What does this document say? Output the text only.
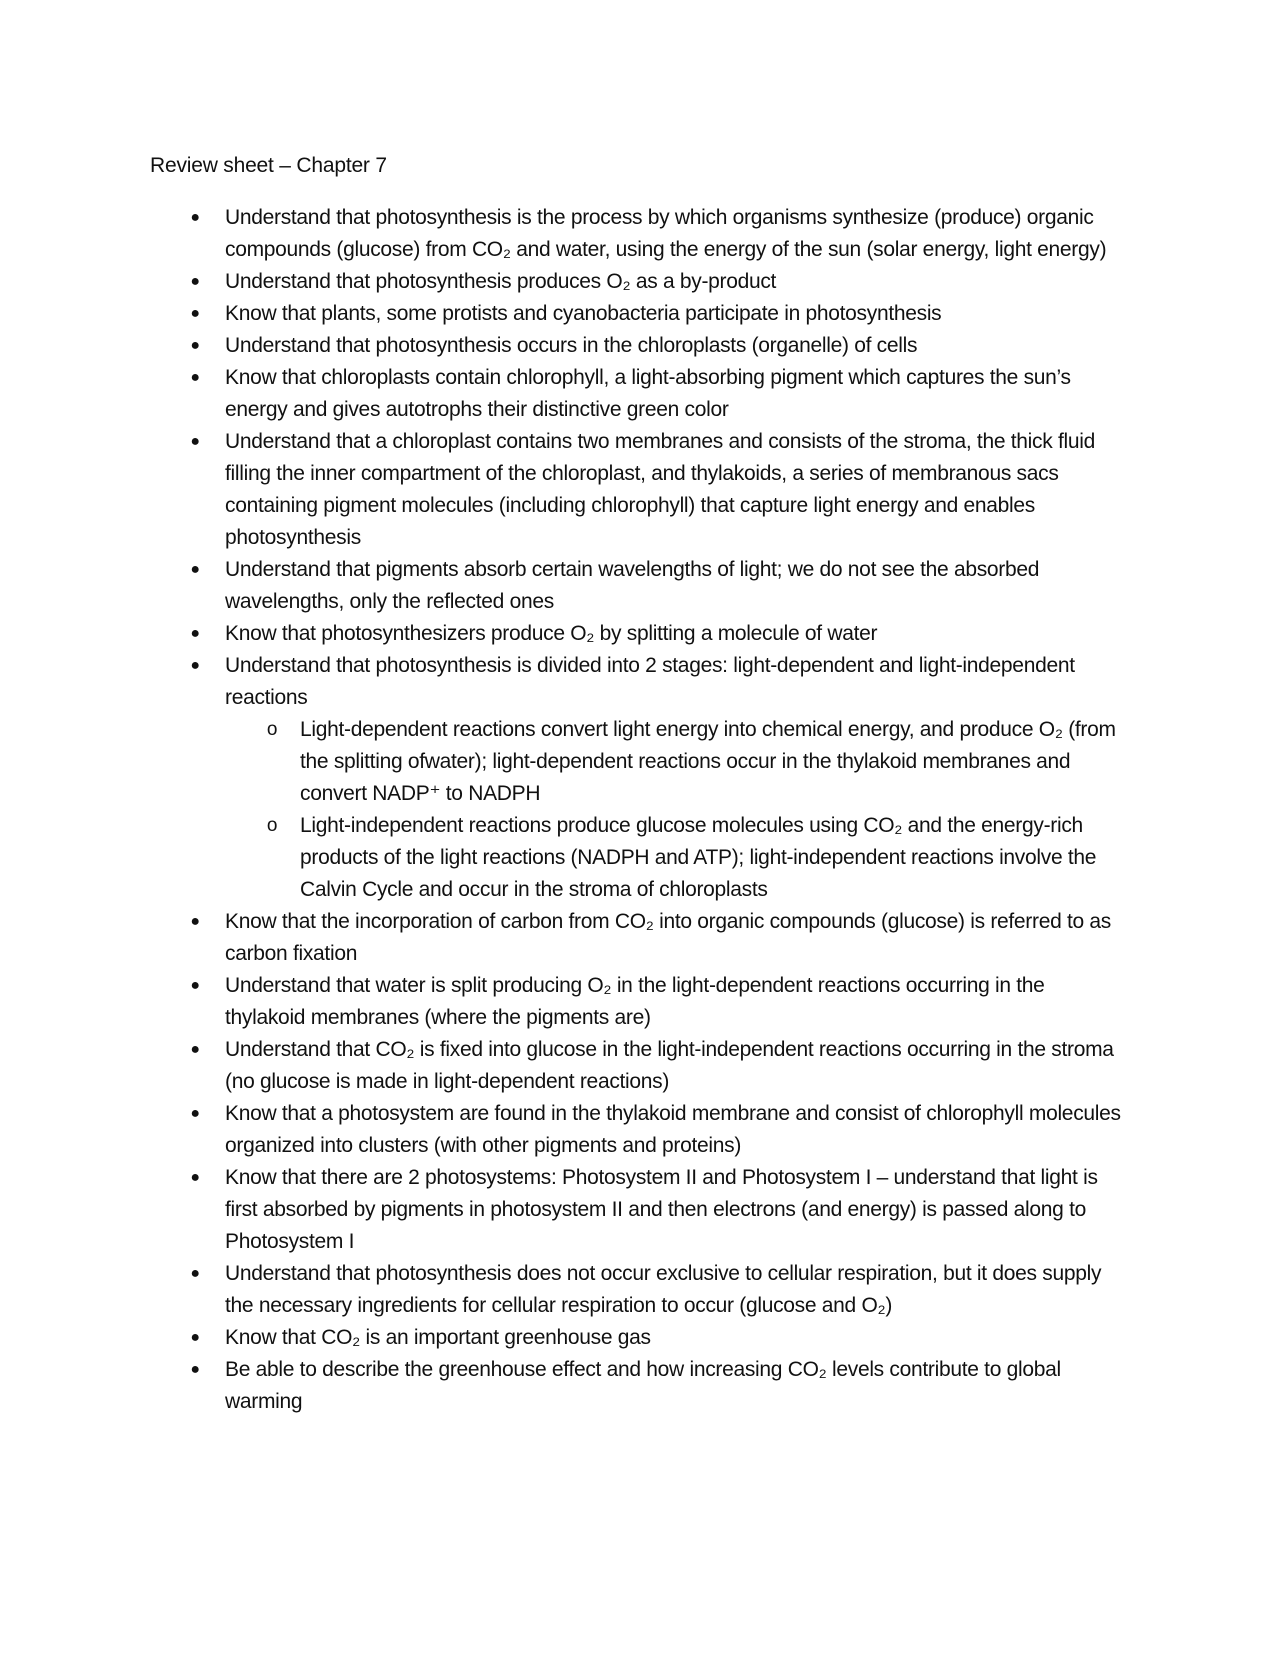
Review sheet – Chapter 7
● Understand that photosynthesis is the process by which organisms synthesize (produce) organic compounds (glucose) from CO₂ and water, using the energy of the sun (solar energy, light energy)
● Understand that photosynthesis produces O₂ as a by-product
● Know that plants, some protists and cyanobacteria participate in photosynthesis
● Understand that photosynthesis occurs in the chloroplasts (organelle) of cells
● Know that chloroplasts contain chlorophyll, a light-absorbing pigment which captures the sun’s energy and gives autotrophs their distinctive green color
● Understand that a chloroplast contains two membranes and consists of the stroma, the thick fluid filling the inner compartment of the chloroplast, and thylakoids, a series of membranous sacs containing pigment molecules (including chlorophyll) that capture light energy and enables photosynthesis
● Understand that pigments absorb certain wavelengths of light; we do not see the absorbed wavelengths, only the reflected ones
● Know that photosynthesizers produce O₂ by splitting a molecule of water
● Understand that photosynthesis is divided into 2 stages: light-dependent and light-independent reactions
o Light-dependent reactions convert light energy into chemical energy, and produce O₂ (from the splitting ofwater); light-dependent reactions occur in the thylakoid membranes and convert NADP⁺ to NADPH
o Light-independent reactions produce glucose molecules using CO₂ and the energy-rich products of the light reactions (NADPH and ATP); light-independent reactions involve the Calvin Cycle and occur in the stroma of chloroplasts
● Know that the incorporation of carbon from CO₂ into organic compounds (glucose) is referred to as carbon fixation
● Understand that water is split producing O₂ in the light-dependent reactions occurring in the thylakoid membranes (where the pigments are)
● Understand that CO₂ is fixed into glucose in the light-independent reactions occurring in the stroma (no glucose is made in light-dependent reactions)
● Know that a photosystem are found in the thylakoid membrane and consist of chlorophyll molecules organized into clusters (with other pigments and proteins)
● Know that there are 2 photosystems: Photosystem II and Photosystem I – understand that light is first absorbed by pigments in photosystem II and then electrons (and energy) is passed along to Photosystem I
● Understand that photosynthesis does not occur exclusive to cellular respiration, but it does supply the necessary ingredients for cellular respiration to occur (glucose and O₂)
● Know that CO₂ is an important greenhouse gas
● Be able to describe the greenhouse effect and how increasing CO₂ levels contribute to global warming
